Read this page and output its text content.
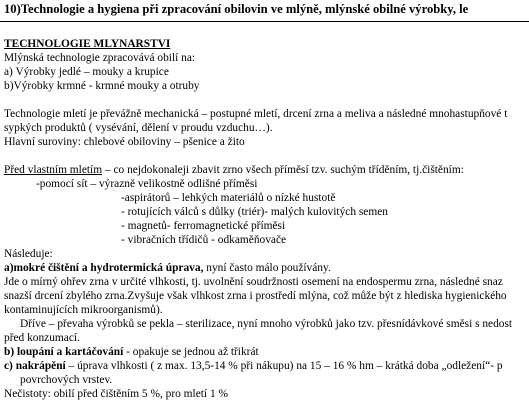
10)Technologie a hygiena při zpracování obilovin ve mlýně, mlýnské obilné výrobky, le
TECHNOLOGIE MLYNARSTVI
Mlýnská technologie zpracovává obilí na:
a) Výrobky jedlé – mouky a krupice
b)Výrobky krmné - krmné mouky a otruby
Technologie mletí je převážně mechanická – postupné mletí, drcení zrna a meliva a následné mnohastupňové t
sypkých produktů ( vysévání, dělení v proudu vzduchu…).
Hlavní suroviny: chlebové obiloviny – pšenice a žito
Před vlastním mletím – co nejdokonaleji zbavit zrno všech příměsí tzv. suchým tříděním, tj.čištěním:
-pomocí sít – výrazně velikostně odlišné příměsi
-aspirátorů – lehkých materiálů o nízké hustotě
- rotujících válců s důlky (triér)- malých kulovitých semen
- magnetů- ferromagnetické příměsi
- vibračních třídičů - odkaměňovače
Následuje:
a)mokré čištění a hydrotermická úprava, nyní často málo používány.
Jde o mírný ohřev zrna v určité vlhkosti, tj. uvolnění soudržnosti osemení na endospermu zrna, následné snaz
snazší drcení zbylého zrna.Zvyšuje však vlhkost zrna i prostředí mlýna, což může být z hlediska hygienického
kontaminujících mikroorganismů).
Dříve – převaha výrobků se pekla – sterilizace, nyní mnoho výrobků jako tzv. přesnídávkové směsi s nedost
před konzumací.
b) loupání a kartáčování - opakuje se jednou až třikrát
c) nakrápění – úprava vlhkosti ( z max. 13,5-14 % při nákupu) na 15 – 16 % hm – krátká doba „odležení“- p
povrchových vrstev.
Nečistoty: obilí před čištěním 5 %, pro mletí 1 %
